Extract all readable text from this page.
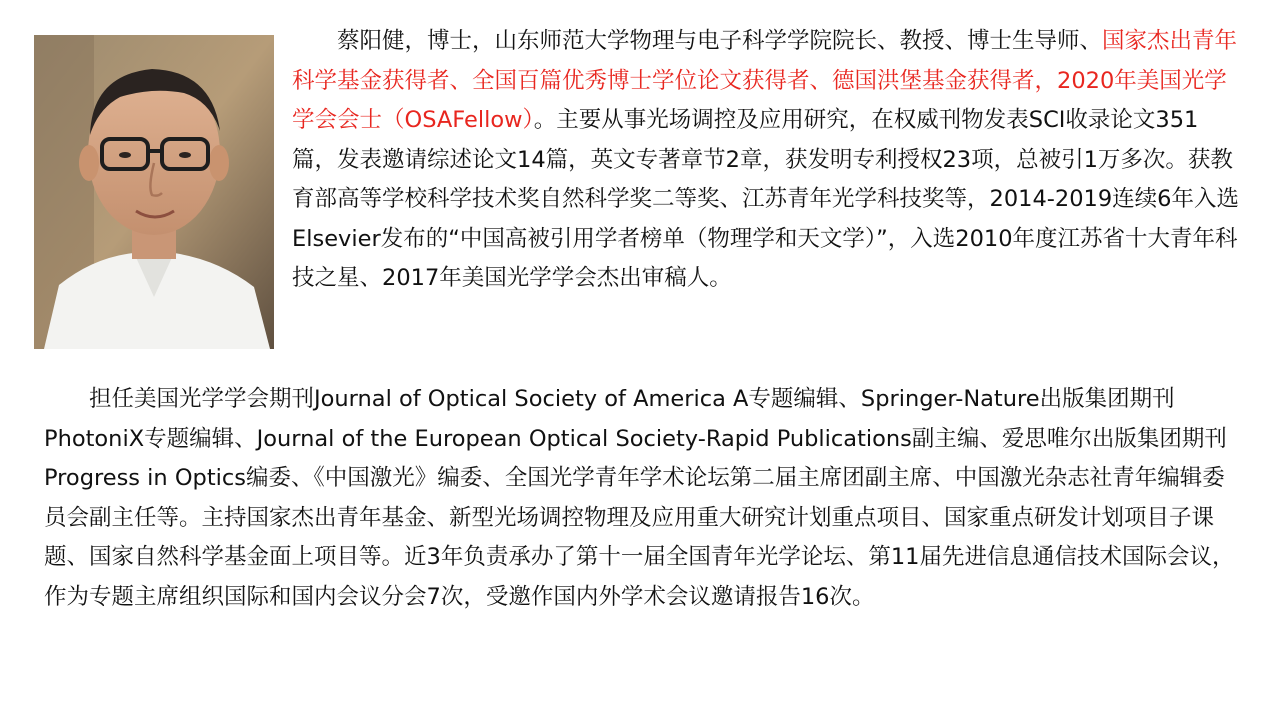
蔡阳健，博士，山东师范大学物理与电子科学学院院长、教授、博士生导师、国家杰出青年科学基金获得者、全国百篇优秀博士学位论文获得者、德国洪堡基金获得者，2020年美国光学学会会士（OSAFellow）。主要从事光场调控及应用研究，在权威刊物发表SCI收录论文351篇，发表邀请综述论文14篇，英文专著章节2章，获发明专利授权23项，总被引1万多次。获教育部高等学校科学技术奖自然科学奖二等奖、江苏青年光学科技奖等，2014-2019连续6年入选Elsevier发布的“中国高被引用学者榜单（物理学和天文学）”，入选2010年度江苏省十大青年科技之星、2017年美国光学学会杰出审稿人。

担任美国光学学会期刊Journal of Optical Society of America A专题编辑、Springer-Nature出版集团期刊PhotoniX专题编辑、Journal of the European Optical Society-Rapid Publications副主编、爱思唯尔出版集团期刊Progress in Optics编委、《中国激光》编委、全国光学青年学术论坛第二届主席团副主席、中国激光杂志社青年编辑委员会副主任等。主持国家杰出青年基金、新型光场调控物理及应用重大研究计划重点项目、国家重点研发计划项目子课题、国家自然科学基金面上项目等。近3年负责承办了第十一届全国青年光学论坛、第11届先进信息通信技术国际会议，作为专题主席组织国际和国内会议分会7次，受邀作国内外学术会议邀请报告16次。
